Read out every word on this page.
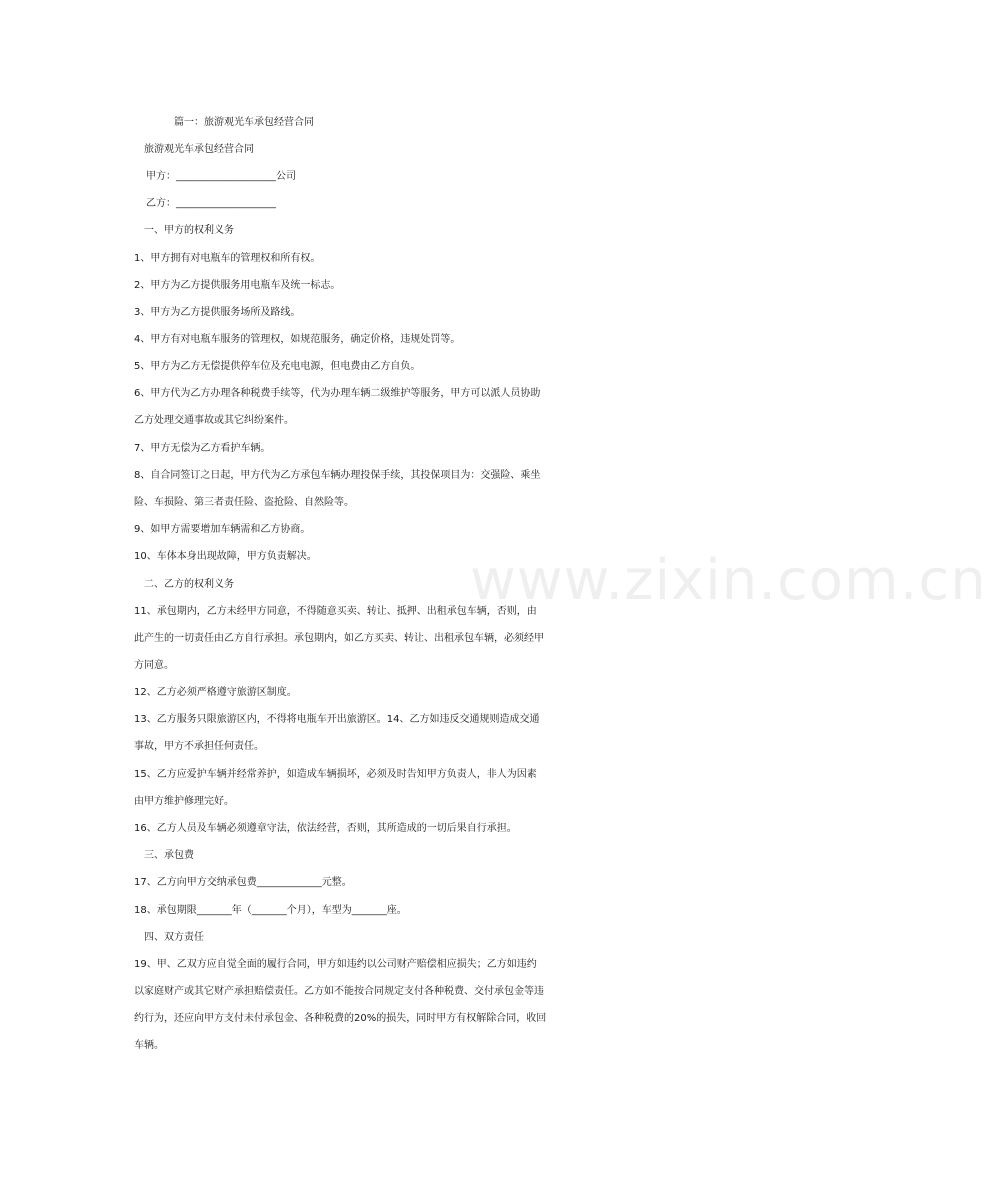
www.zixin.com.cn
篇一：旅游观光车承包经营合同
旅游观光车承包经营合同
甲方：____________________公司
乙方：____________________
一、甲方的权利义务
1、甲方拥有对电瓶车的管理权和所有权。
2、甲方为乙方提供服务用电瓶车及统一标志。
3、甲方为乙方提供服务场所及路线。
4、甲方有对电瓶车服务的管理权，如规范服务，确定价格，违规处罚等。
5、甲方为乙方无偿提供停车位及充电电源，但电费由乙方自负。
6、甲方代为乙方办理各种税费手续等，代为办理车辆二级维护等服务，甲方可以派人员协助
乙方处理交通事故或其它纠纷案件。
7、甲方无偿为乙方看护车辆。
8、自合同签订之日起，甲方代为乙方承包车辆办理投保手续，其投保项目为：交强险、乘坐
险、车损险、第三者责任险、盗抢险、自然险等。
9、如甲方需要增加车辆需和乙方协商。
10、车体本身出现故障，甲方负责解决。
二、乙方的权利义务
11、承包期内，乙方未经甲方同意，不得随意买卖、转让、抵押、出租承包车辆，否则，由
此产生的一切责任由乙方自行承担。承包期内，如乙方买卖、转让、出租承包车辆，必须经甲
方同意。
12、乙方必须严格遵守旅游区制度。
13、乙方服务只限旅游区内，不得将电瓶车开出旅游区。14、乙方如违反交通规则造成交通
事故，甲方不承担任何责任。
15、乙方应爱护车辆并经常养护，如造成车辆损坏，必须及时告知甲方负责人，非人为因素
由甲方维护修理完好。
16、乙方人员及车辆必须遵章守法，依法经营，否则，其所造成的一切后果自行承担。
三、承包费
17、乙方向甲方交纳承包费_____________元整。
18、承包期限_______年（_______个月），车型为_______座。
四、双方责任
19、甲、乙双方应自觉全面的履行合同，甲方如违约以公司财产赔偿相应损失；乙方如违约
以家庭财产或其它财产承担赔偿责任。乙方如不能按合同规定支付各种税费、交付承包金等违
约行为，还应向甲方支付未付承包金、各种税费的20%的损失，同时甲方有权解除合同，收回
车辆。
